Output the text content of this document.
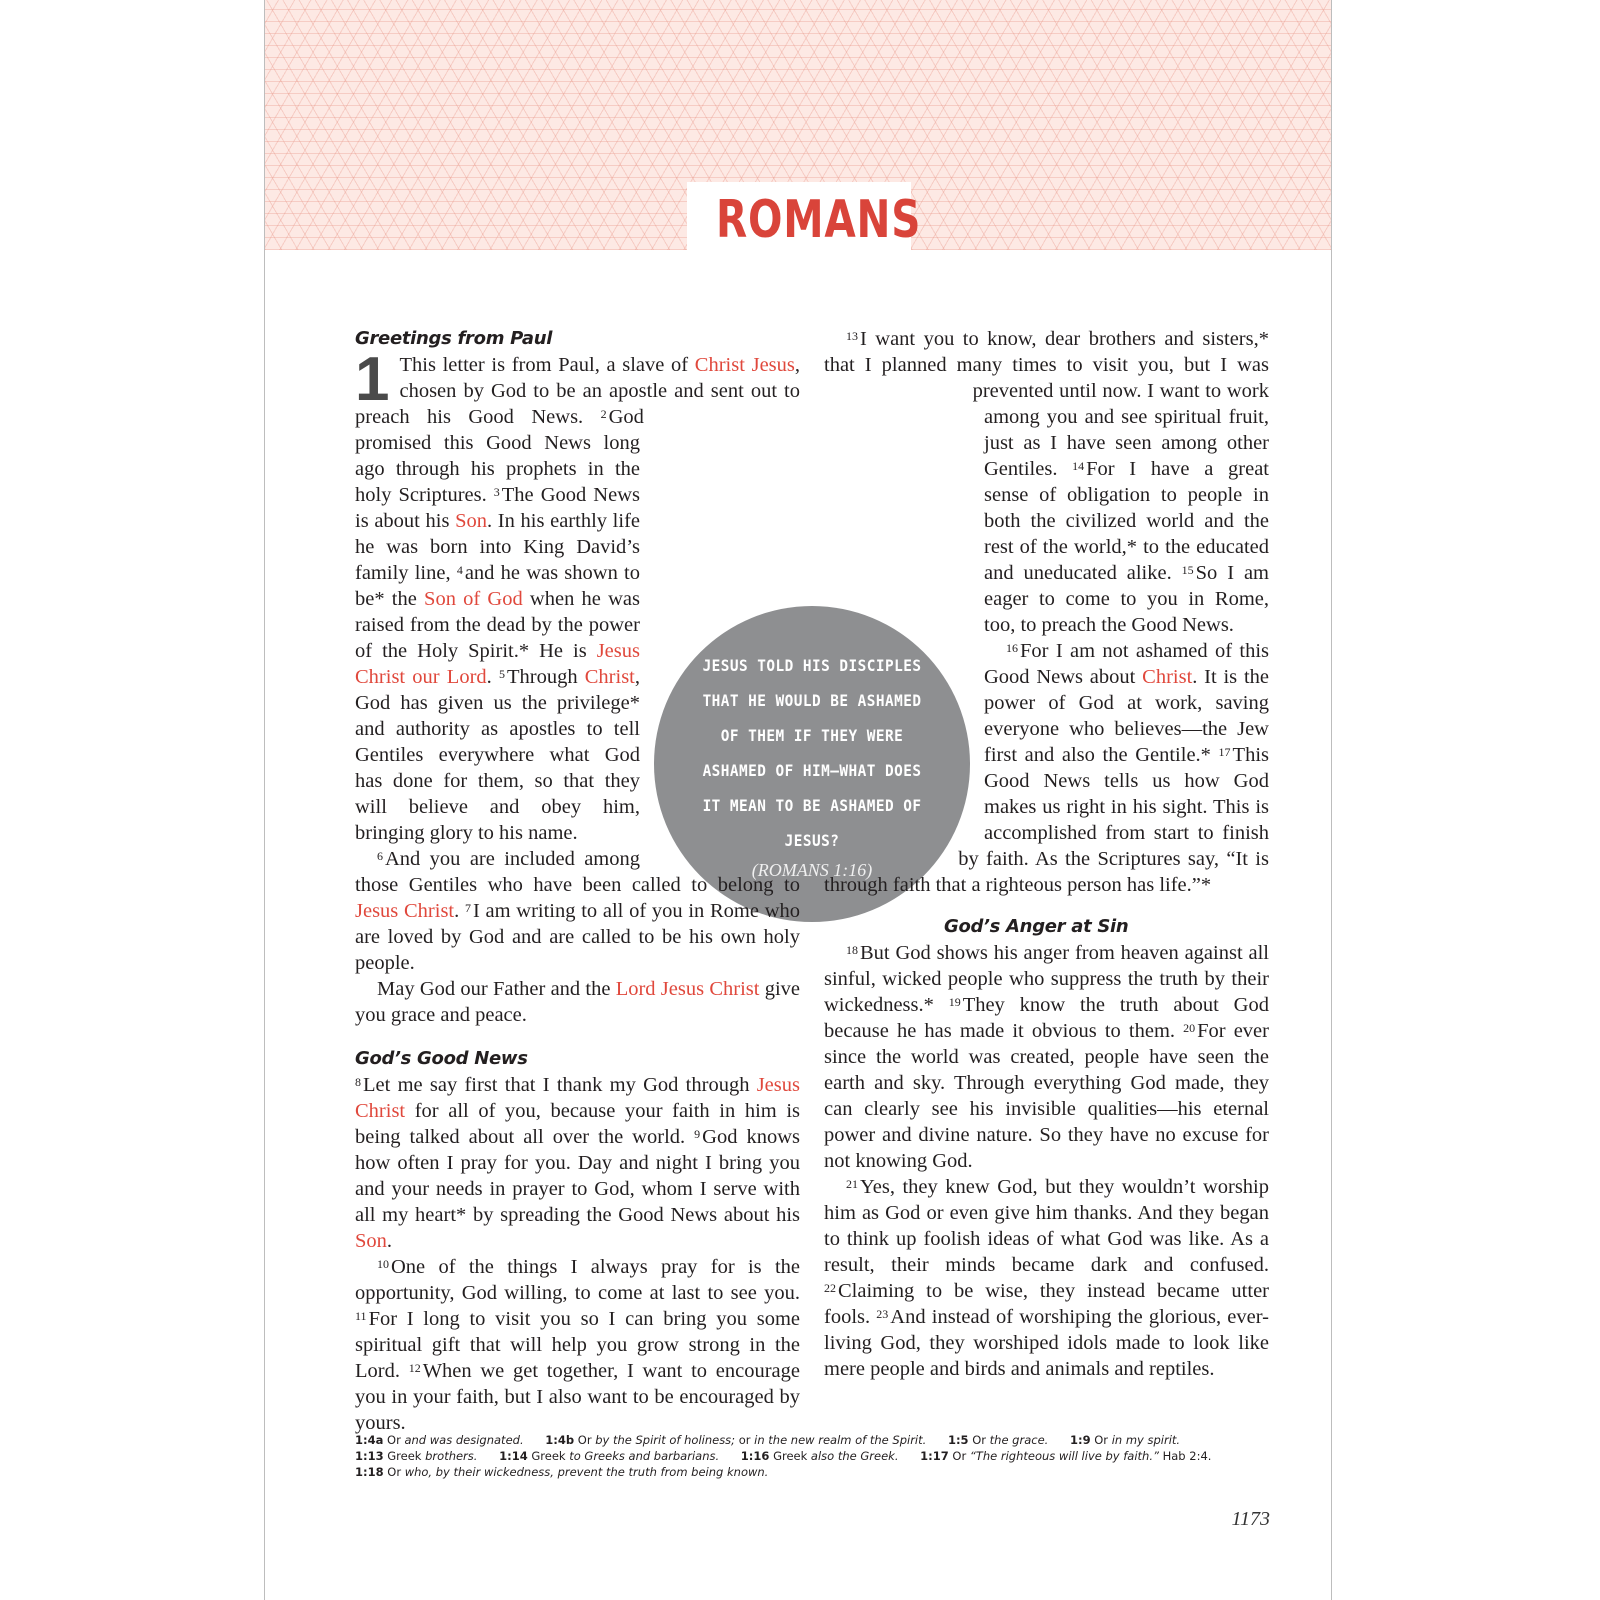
ROMANS
JESUS TOLD HIS DISCIPLES THAT HE WOULD BE ASHAMED OF THEM IF THEY WERE ASHAMED OF HIM—WHAT DOES IT MEAN TO BE ASHAMED OF JESUS?
(ROMANS 1:16)
Greetings from Paul

1 This letter is from Paul, a slave of Christ Jesus, chosen by God to be an apostle and sent out to preach his Good News. $^2$God promised this Good News long ago through his prophets in the holy Scriptures. $^3$The Good News is about his Son. In his earthly life he was born into King David’s family line, $^4$and he was shown to be* the Son of God when he was raised from the dead by the power of the Holy Spirit.* He is Jesus Christ our Lord. $^5$Through Christ, God has given us the privilege* and authority as apostles to tell Gentiles everywhere what God has done for them, so that they will believe and obey him, bringing glory to his name.

$^6$And you are included among those Gentiles who have been called to belong to Jesus Christ. $^7$I am writing to all of you in Rome who are loved by God and are called to be his own holy people.

May God our Father and the Lord Jesus Christ give you grace and peace.

God’s Good News

$^8$Let me say first that I thank my God through Jesus Christ for all of you, because your faith in him is being talked about all over the world. $^9$God knows how often I pray for you. Day and night I bring you and your needs in prayer to God, whom I serve with all my heart* by spreading the Good News about his Son.

$^{10}$One of the things I always pray for is the opportunity, God willing, to come at last to see you. $^{11}$For I long to visit you so I can bring you some spiritual gift that will help you grow strong in the Lord. $^{12}$When we get together, I want to encourage you in your faith, but I also want to be encouraged by yours.

$^{13}$I want you to know, dear brothers and sisters,* that I planned many times to visit you, but I was prevented until now. I want to work among you and see spiritual fruit, just as I have seen among other Gentiles. $^{14}$For I have a great sense of obligation to people in both the civilized world and the rest of the world,* to the educated and uneducated alike. $^{15}$So I am eager to come to you in Rome, too, to preach the Good News.

$^{16}$For I am not ashamed of this Good News about Christ. It is the power of God at work, saving everyone who believes—the Jew first and also the Gentile.* $^{17}$This Good News tells us how God makes us right in his sight. This is accomplished from start to finish by faith. As the Scriptures say, “It is through faith that a righteous person has life.”*

God’s Anger at Sin

$^{18}$But God shows his anger from heaven against all sinful, wicked people who suppress the truth by their wickedness.* $^{19}$They know the truth about God because he has made it obvious to them. $^{20}$For ever since the world was created, people have seen the earth and sky. Through everything God made, they can clearly see his invisible qualities—his eternal power and divine nature. So they have no excuse for not knowing God.

$^{21}$Yes, they knew God, but they wouldn’t worship him as God or even give him thanks. And they began to think up foolish ideas of what God was like. As a result, their minds became dark and confused. $^{22}$Claiming to be wise, they instead became utter fools. $^{23}$And instead of worshiping the glorious, ever-living God, they worshiped idols made to look like mere people and birds and animals and reptiles.

1:4a Or and was designated. 1:4b Or by the Spirit of holiness; or in the new realm of the Spirit. 1:5 Or the grace. 1:9 Or in my spirit.
1:13 Greek brothers. 1:14 Greek to Greeks and barbarians. 1:16 Greek also the Greek. 1:17 Or “The righteous will live by faith.” Hab 2:4.
1:18 Or who, by their wickedness, prevent the truth from being known.
1173
